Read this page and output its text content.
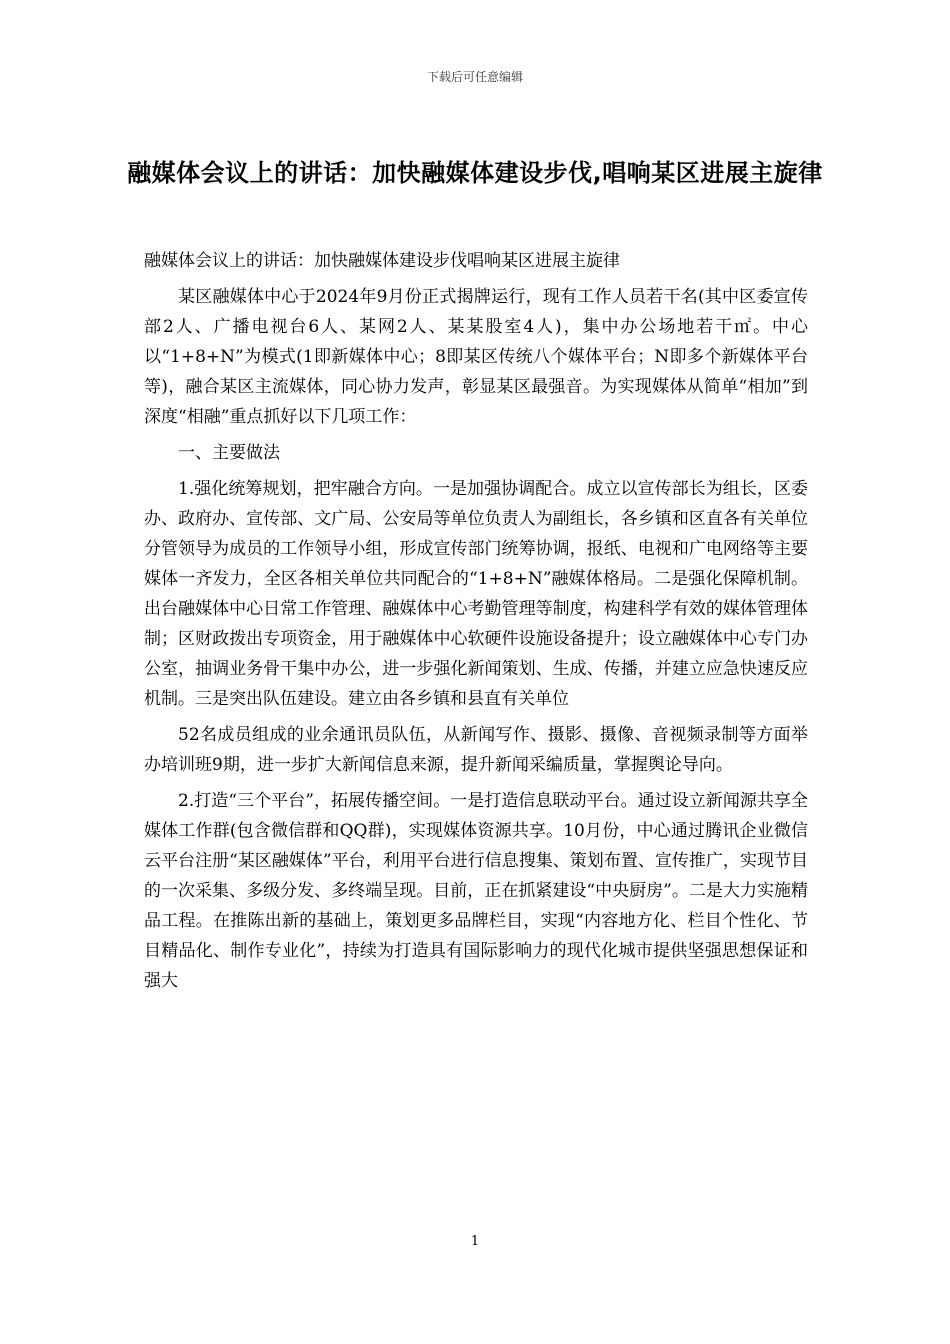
下载后可任意编辑
融媒体会议上的讲话：加快融媒体建设步伐,唱响某区进展主旋律

融媒体会议上的讲话：加快融媒体建设步伐唱响某区进展主旋律

某区融媒体中心于2024年9月份正式揭牌运行，现有工作人员若干名(其中区委宣传部2人、广播电视台6人、某网2人、某某股室4人)，集中办公场地若干㎡。中心以“1+8+N”为模式(1即新媒体中心；8即某区传统八个媒体平台；N即多个新媒体平台等)，融合某区主流媒体，同心协力发声，彰显某区最强音。为实现媒体从简单“相加”到深度“相融”重点抓好以下几项工作：

一、主要做法

1.强化统筹规划，把牢融合方向。一是加强协调配合。成立以宣传部长为组长，区委办、政府办、宣传部、文广局、公安局等单位负责人为副组长，各乡镇和区直各有关单位分管领导为成员的工作领导小组，形成宣传部门统筹协调，报纸、电视和广电网络等主要媒体一齐发力，全区各相关单位共同配合的“1+8+N”融媒体格局。二是强化保障机制。出台融媒体中心日常工作管理、融媒体中心考勤管理等制度，构建科学有效的媒体管理体制；区财政拨出专项资金，用于融媒体中心软硬件设施设备提升；设立融媒体中心专门办公室，抽调业务骨干集中办公，进一步强化新闻策划、生成、传播，并建立应急快速反应机制。三是突出队伍建设。建立由各乡镇和县直有关单位

52名成员组成的业余通讯员队伍，从新闻写作、摄影、摄像、音视频录制等方面举办培训班9期，进一步扩大新闻信息来源，提升新闻采编质量，掌握舆论导向。

2.打造“三个平台”，拓展传播空间。一是打造信息联动平台。通过设立新闻源共享全媒体工作群(包含微信群和QQ群)，实现媒体资源共享。10月份，中心通过腾讯企业微信云平台注册“某区融媒体”平台，利用平台进行信息搜集、策划布置、宣传推广，实现节目的一次采集、多级分发、多终端呈现。目前，正在抓紧建设“中央厨房”。二是大力实施精品工程。在推陈出新的基础上，策划更多品牌栏目，实现“内容地方化、栏目个性化、节目精品化、制作专业化”，持续为打造具有国际影响力的现代化城市提供坚强思想保证和强大

1
